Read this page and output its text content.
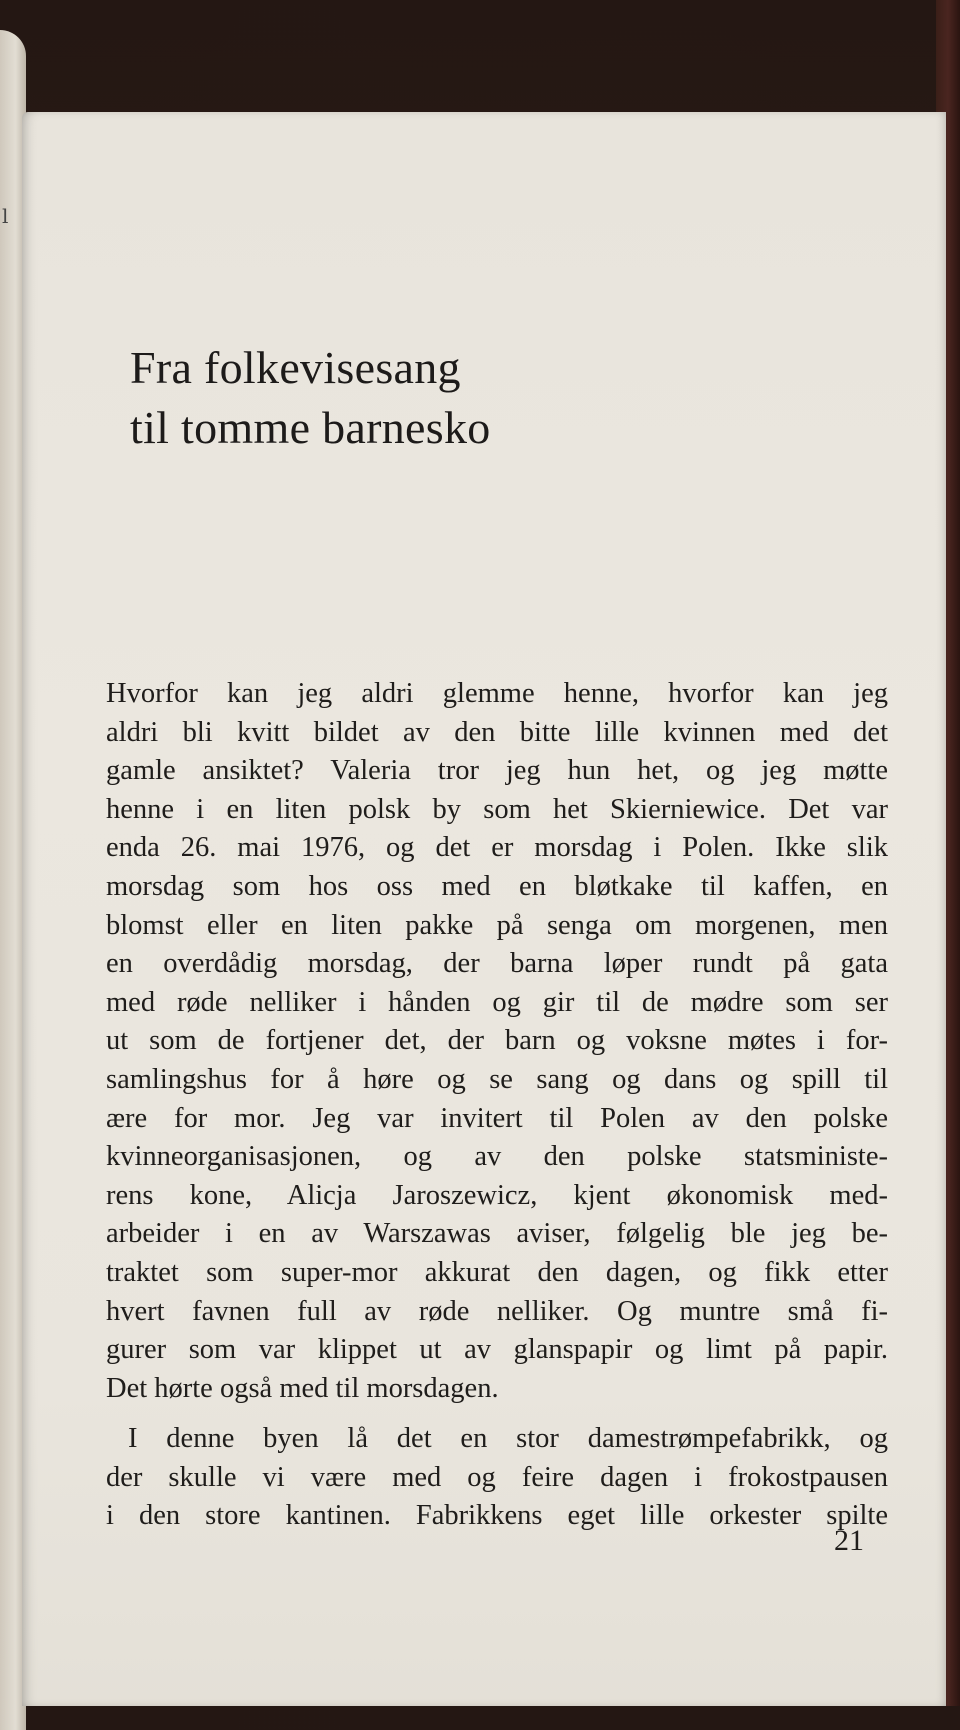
l
Fra folkevisesang
til tomme barnesko

Hvorfor kan jeg aldri glemme henne, hvorfor kan jeg
aldri bli kvitt bildet av den bitte lille kvinnen med det
gamle ansiktet? Valeria tror jeg hun het, og jeg møtte
henne i en liten polsk by som het Skierniewice. Det var
enda 26. mai 1976, og det er morsdag i Polen. Ikke slik
morsdag som hos oss med en bløtkake til kaffen, en
blomst eller en liten pakke på senga om morgenen, men
en overdådig morsdag, der barna løper rundt på gata
med røde nelliker i hånden og gir til de mødre som ser
ut som de fortjener det, der barn og voksne møtes i for-
samlingshus for å høre og se sang og dans og spill til
ære for mor. Jeg var invitert til Polen av den polske
kvinneorganisasjonen, og av den polske statsministe-
rens kone, Alicja Jaroszewicz, kjent økonomisk med-
arbeider i en av Warszawas aviser, følgelig ble jeg be-
traktet som super-mor akkurat den dagen, og fikk etter
hvert favnen full av røde nelliker. Og muntre små fi-
gurer som var klippet ut av glanspapir og limt på papir.
Det hørte også med til morsdagen.

I denne byen lå det en stor damestrømpefabrikk, og
der skulle vi være med og feire dagen i frokostpausen
i den store kantinen. Fabrikkens eget lille orkester spilte

21
